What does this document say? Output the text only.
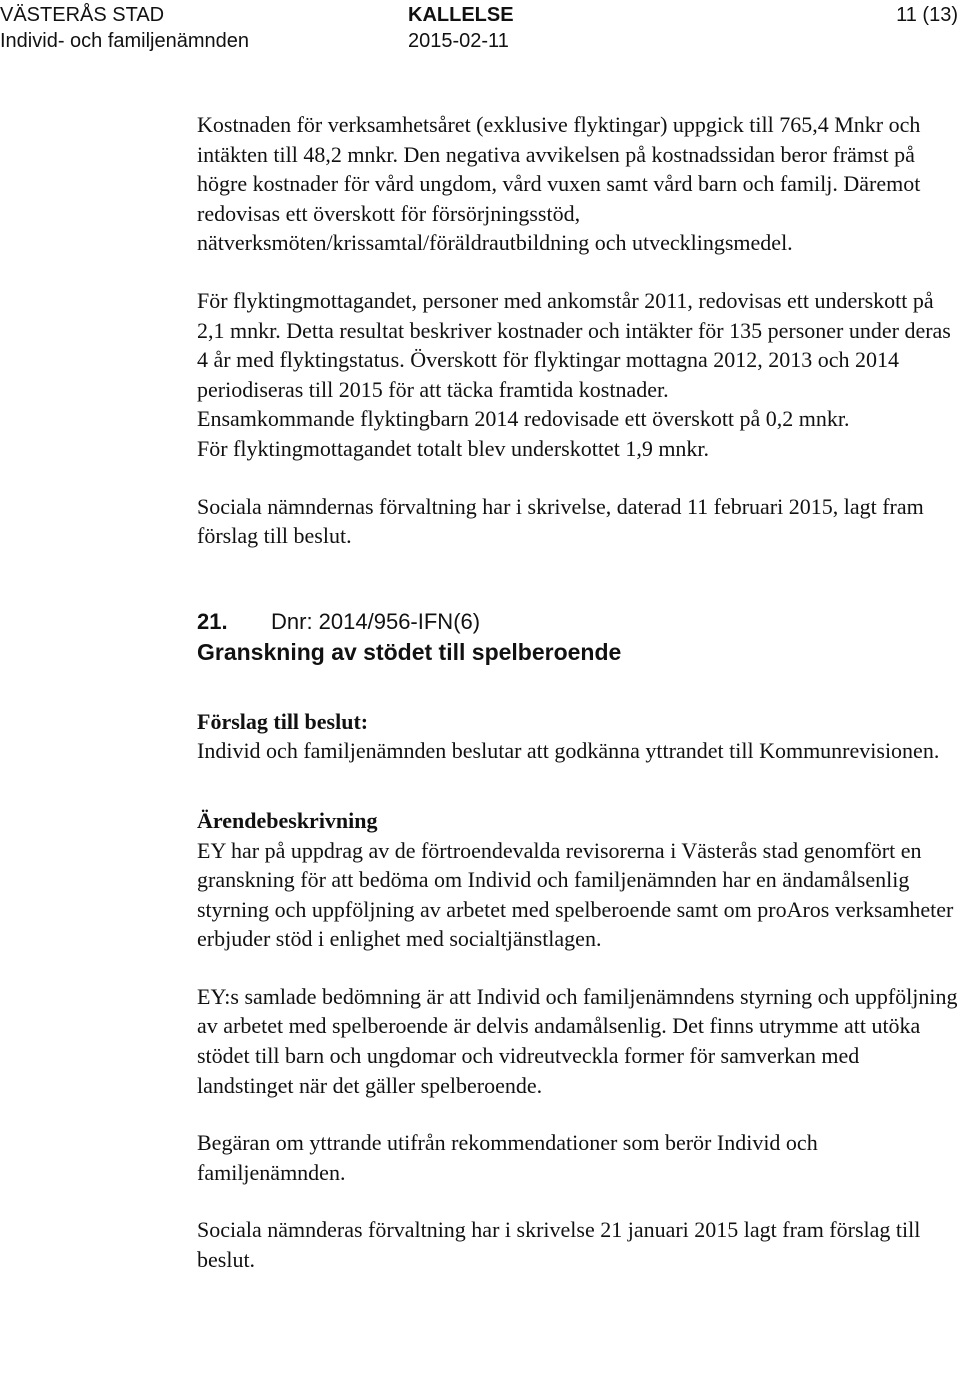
VÄSTERÅS STAD
Individ- och familjenämnden
KALLELSE
2015-02-11
11 (13)

Kostnaden för verksamhetsåret (exklusive flyktingar) uppgick till 765,4 Mnkr och intäkten till 48,2 mnkr. Den negativa avvikelsen på kostnadssidan beror främst på högre kostnader för vård ungdom, vård vuxen samt vård barn och familj. Däremot redovisas ett överskott för försörjningsstöd, nätverksmöten/krissamtal/föräldrautbildning och utvecklingsmedel.

För flyktingmottagandet, personer med ankomstår 2011, redovisas ett underskott på 2,1 mnkr. Detta resultat beskriver kostnader och intäkter för 135 personer under deras 4 år med flyktingstatus. Överskott för flyktingar mottagna 2012, 2013 och 2014 periodiseras till 2015 för att täcka framtida kostnader.

Ensamkommande flyktingbarn 2014 redovisade ett överskott på 0,2 mnkr.

För flyktingmottagandet totalt blev underskottet 1,9 mnkr.

Sociala nämndernas förvaltning har i skrivelse, daterad 11 februari 2015, lagt fram förslag till beslut.

21. Dnr: 2014/956-IFN(6)

Granskning av stödet till spelberoende

Förslag till beslut:

Individ och familjenämnden beslutar att godkänna yttrandet till Kommunrevisionen.

Ärendebeskrivning

EY har på uppdrag av de förtroendevalda revisorerna i Västerås stad genomfört en granskning för att bedöma om Individ och familjenämnden har en ändamålsenlig styrning och uppföljning av arbetet med spelberoende samt om proAros verksamheter erbjuder stöd i enlighet med socialtjänstlagen.

EY:s samlade bedömning är att Individ och familjenämndens styrning och uppföljning av arbetet med spelberoende är delvis andamålsenlig. Det finns utrymme att utöka stödet till barn och ungdomar och vidreutveckla former för samverkan med landstinget när det gäller spelberoende.

Begäran om yttrande utifrån rekommendationer som berör Individ och familjenämnden.

Sociala nämnderas förvaltning har i skrivelse 21 januari 2015 lagt fram förslag till beslut.
